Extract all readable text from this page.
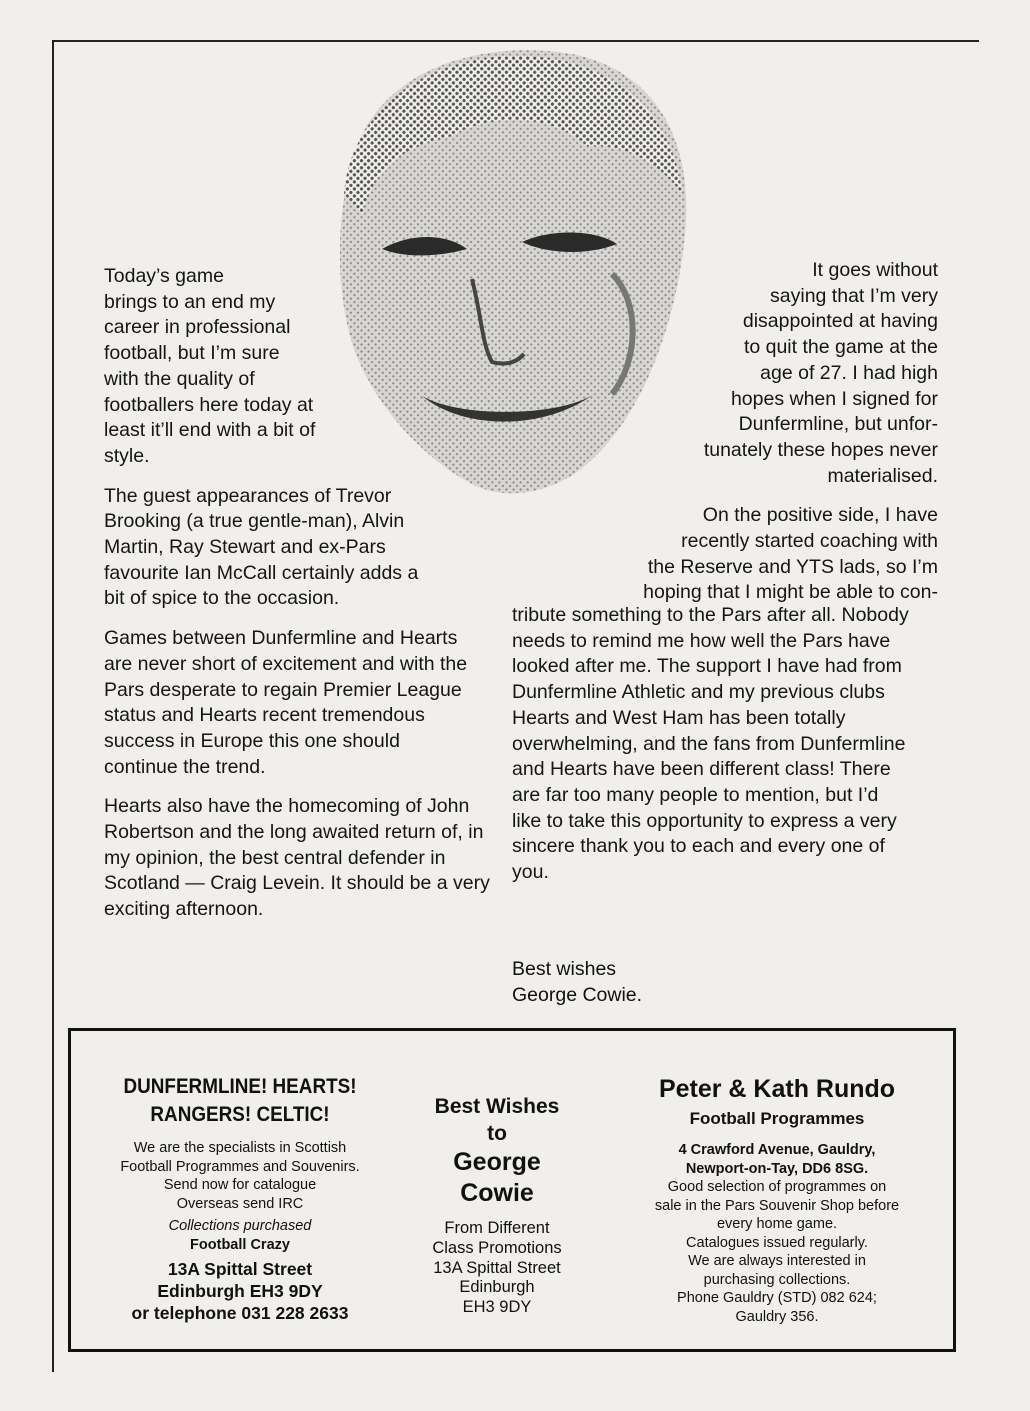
Today’s game
brings to an end my
career in professional
football, but I’m sure
with the quality of
footballers here today at
least it’ll end with a bit of
style.

The guest appearances of Trevor Brooking (a true gentle-man), Alvin Martin, Ray Stewart and ex-Pars favourite Ian McCall certainly adds a bit of spice to the occasion.

Games between Dunfermline and Hearts are never short of excitement and with the Pars desperate to regain Premier League status and Hearts recent tremendous success in Europe this one should continue the trend.

Hearts also have the homecoming of John Robertson and the long awaited return of, in my opinion, the best central defender in Scotland — Craig Levein. It should be a very exciting afternoon.

It goes without
saying that I’m very
disappointed at having
to quit the game at the
age of 27. I had high
hopes when I signed for
Dunfermline, but unfor-
tunately these hopes never
materialised.

On the positive side, I have
recently started coaching with
the Reserve and YTS lads, so I’m
hoping that I might be able to con-

tribute something to the Pars after all. Nobody needs to remind me how well the Pars have looked after me. The support I have had from Dunfermline Athletic and my previous clubs Hearts and West Ham has been totally overwhelming, and the fans from Dunfermline and Hearts have been different class! There are far too many people to mention, but I’d like to take this opportunity to express a very sincere thank you to each and every one of you.

Best wishes
George Cowie.
DUNFERMLINE! HEARTS!
RANGERS! CELTIC!
We are the specialists in Scottish
Football Programmes and Souvenirs.
Send now for catalogue
Overseas send IRC
Collections purchased
Football Crazy
13A Spittal Street
Edinburgh EH3 9DY
or telephone 031 228 2633
Best Wishes
to
George
Cowie
From Different
Class Promotions
13A Spittal Street
Edinburgh
EH3 9DY
Peter & Kath Rundo
Football Programmes
4 Crawford Avenue, Gauldry,
Newport-on-Tay, DD6 8SG.
Good selection of programmes on
sale in the Pars Souvenir Shop before
every home game.
Catalogues issued regularly.
We are always interested in
purchasing collections.
Phone Gauldry (STD) 082 624;
Gauldry 356.
